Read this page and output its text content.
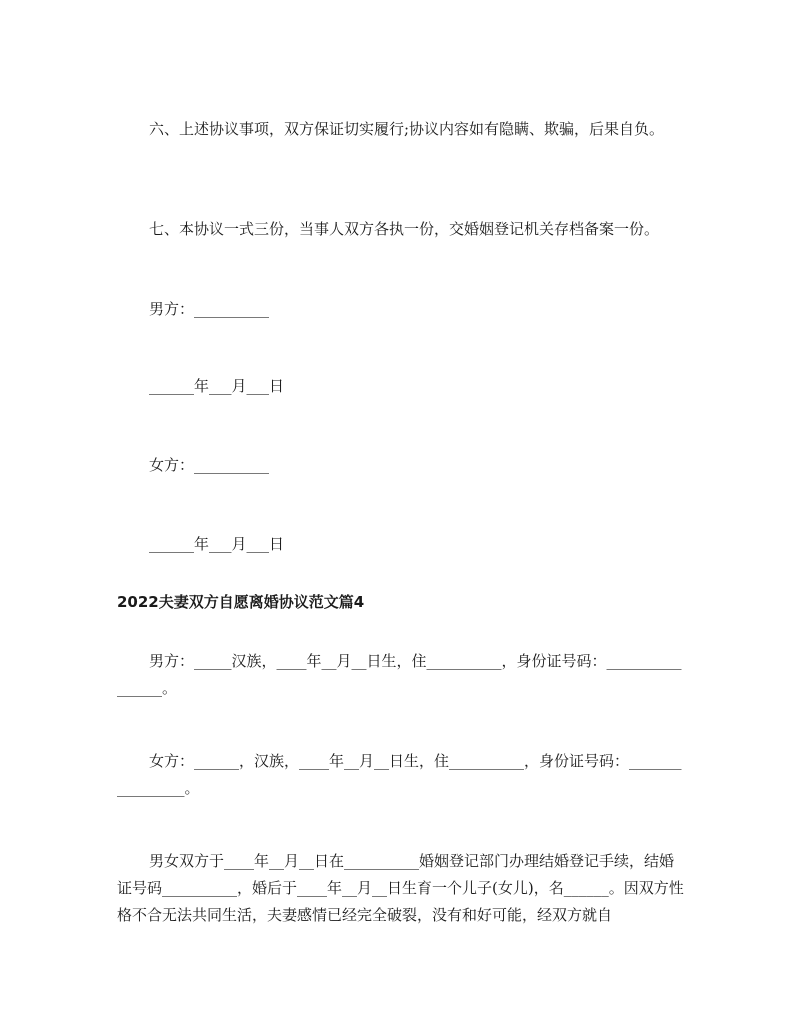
六、上述协议事项，双方保证切实履行;协议内容如有隐瞒、欺骗，后果自负。

七、本协议一式三份，当事人双方各执一份，交婚姻登记机关存档备案一份。

男方：__________

______年___月___日

女方：__________

______年___月___日

2022夫妻双方自愿离婚协议范文篇4

男方：_____汉族，____年__月__日生，住__________，身份证号码：________________。

女方：______，汉族，____年__月__日生，住__________，身份证号码：________________。

男女双方于____年__月__日在__________婚姻登记部门办理结婚登记手续，结婚证号码__________，婚后于____年__月__日生育一个儿子(女儿)，名______。因双方性格不合无法共同生活，夫妻感情已经完全破裂，没有和好可能，经双方就自
